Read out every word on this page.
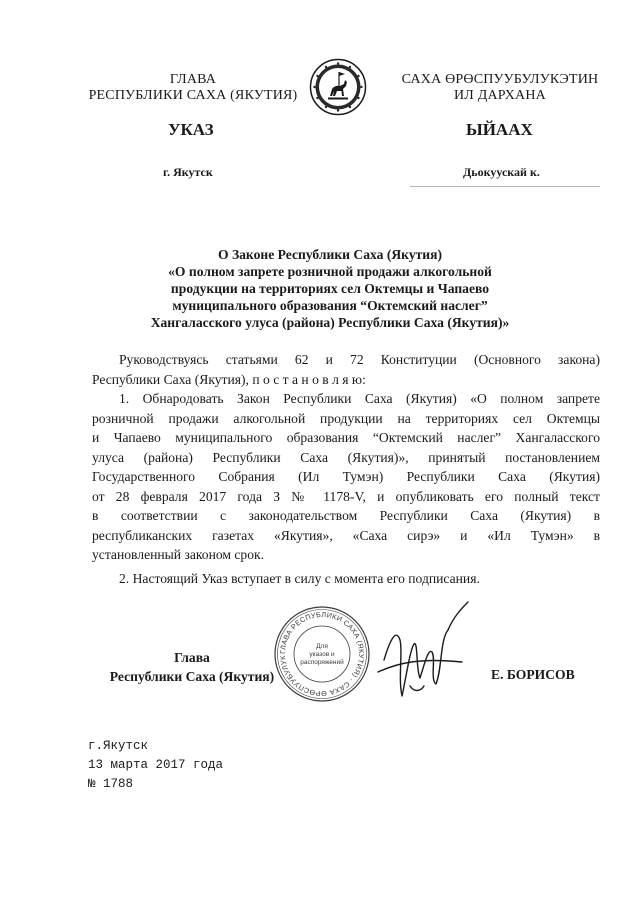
ГЛАВА
РЕСПУБЛИКИ САХА (ЯКУТИЯ)
САХА ӨРӨСПУУБУЛУКЭТИН
ИЛ ДАРХАНА
УКАЗ	ЫЙААХ
г. Якутск	Дьокуускай к.
О Законе Республики Саха (Якутия)
«О полном запрете розничной продажи алкогольной
продукции на территориях сел Октемцы и Чапаево
муниципального образования “Октемский наслег”
Хангаласского улуса (района) Республики Саха (Якутия)»
Руководствуясь статьями 62 и 72 Конституции (Основного закона)
Республики Саха (Якутия), п о с т а н о в л я ю:
1. Обнародовать Закон Республики Саха (Якутия) «О полном запрете
розничной продажи алкогольной продукции на территориях сел Октемцы
и Чапаево муниципального образования “Октемский наслег” Хангаласского
улуса (района) Республики Саха (Якутия)», принятый постановлением
Государственного Собрания (Ил Тумэн) Республики Саха (Якутия)
от 28 февраля 2017 года З № 1178-V, и опубликовать его полный текст
в соответствии с законодательством Республики Саха (Якутия) в
республиканских газетах «Якутия», «Саха сирэ» и «Ил Тумэн» в
установленный законом срок.
2. Настоящий Указ вступает в силу с момента его подписания.
ГЛАВА РЕСПУБЛИКИ САХА (ЯКУТИЯ) · САХА ӨРӨСПУУБУЛУК
Для
указов и
распоряжений
Глава
Республики Саха (Якутия)	Е. БОРИСОВ
г.Якутск
13 марта 2017 года
№ 1788
